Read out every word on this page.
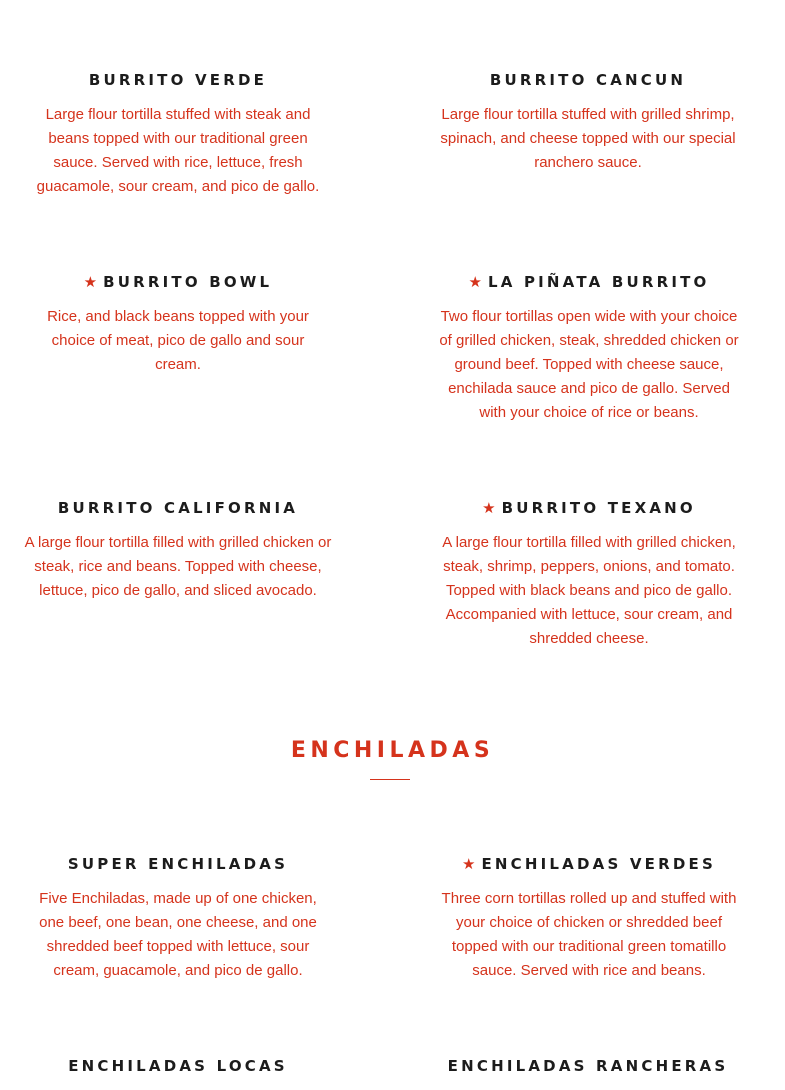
BURRITO VERDE
Large flour tortilla stuffed with steak and beans topped with our traditional green sauce. Served with rice, lettuce, fresh guacamole, sour cream, and pico de gallo.
BURRITO CANCUN
Large flour tortilla stuffed with grilled shrimp, spinach, and cheese topped with our special ranchero sauce.
★ BURRITO BOWL
Rice, and black beans topped with your choice of meat, pico de gallo and sour cream.
★ LA PIÑATA BURRITO
Two flour tortillas open wide with your choice of grilled chicken, steak, shredded chicken or ground beef. Topped with cheese sauce, enchilada sauce and pico de gallo. Served with your choice of rice or beans.
BURRITO CALIFORNIA
A large flour tortilla filled with grilled chicken or steak, rice and beans. Topped with cheese, lettuce, pico de gallo, and sliced avocado.
★ BURRITO TEXANO
A large flour tortilla filled with grilled chicken, steak, shrimp, peppers, onions, and tomato. Topped with black beans and pico de gallo. Accompanied with lettuce, sour cream, and shredded cheese.
ENCHILADAS
SUPER ENCHILADAS
Five Enchiladas, made up of one chicken, one beef, one bean, one cheese, and one shredded beef topped with lettuce, sour cream, guacamole, and pico de gallo.
★ ENCHILADAS VERDES
Three corn tortillas rolled up and stuffed with your choice of chicken or shredded beef topped with our traditional green tomatillo sauce. Served with rice and beans.
ENCHILADAS LOCAS	ENCHILADAS RANCHERAS
